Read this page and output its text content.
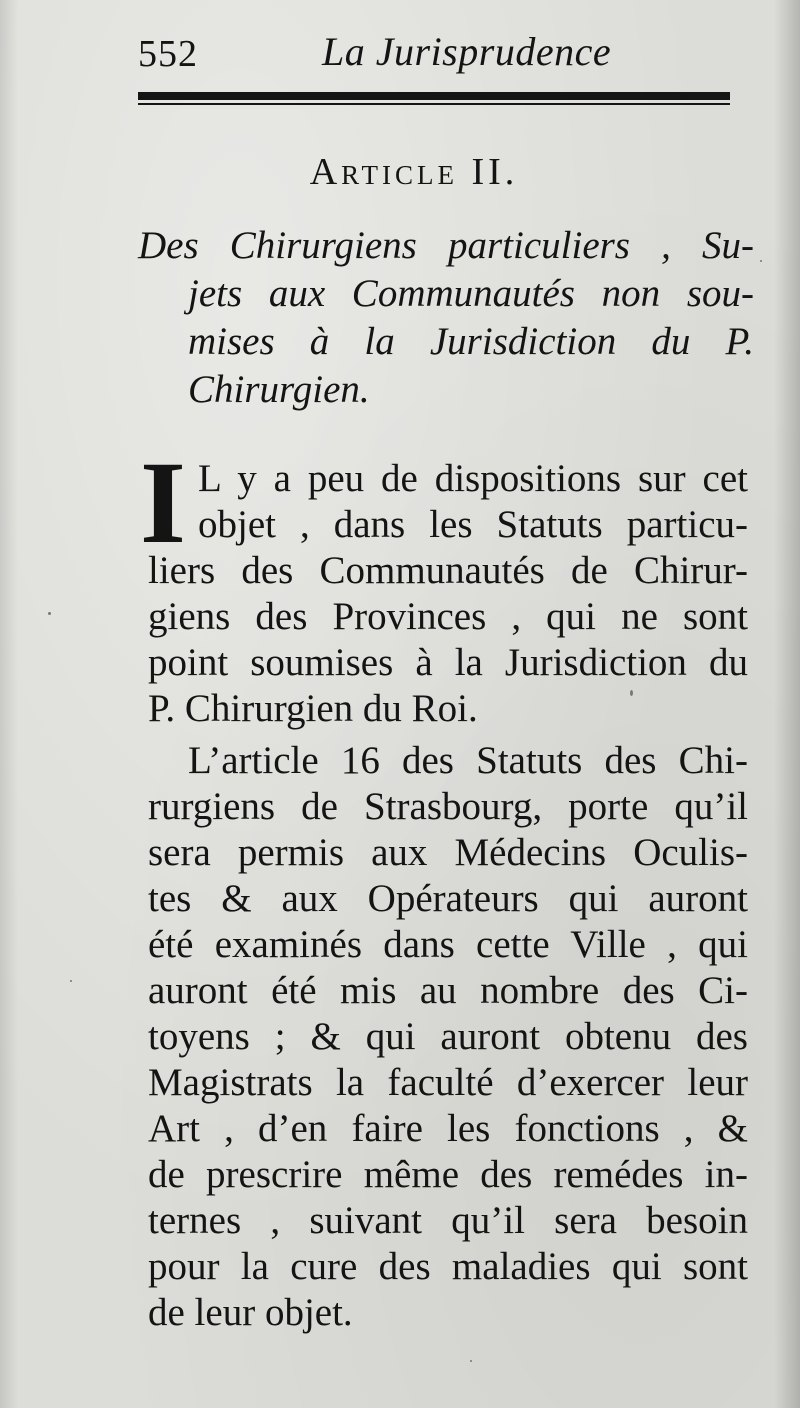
552	La Jurisprudence
Article II.
Des Chirurgiens particuliers , Su-
jets aux Communautés non sou-
mises à la Jurisdiction du P.
Chirurgien.
I L y a peu de dispositions sur cet
objet , dans les Statuts particu-
liers des Communautés de Chirur-
giens des Provinces , qui ne sont
point soumises à la Jurisdiction du
P. Chirurgien du Roi.
L’article 16 des Statuts des Chi-
rurgiens de Strasbourg, porte qu’il
sera permis aux Médecins Oculis-
tes & aux Opérateurs qui auront
été examinés dans cette Ville , qui
auront été mis au nombre des Ci-
toyens ; & qui auront obtenu des
Magistrats la faculté d’exercer leur
Art , d’en faire les fonctions , &
de prescrire même des remédes in-
ternes , suivant qu’il sera besoin
pour la cure des maladies qui sont
de leur objet.
